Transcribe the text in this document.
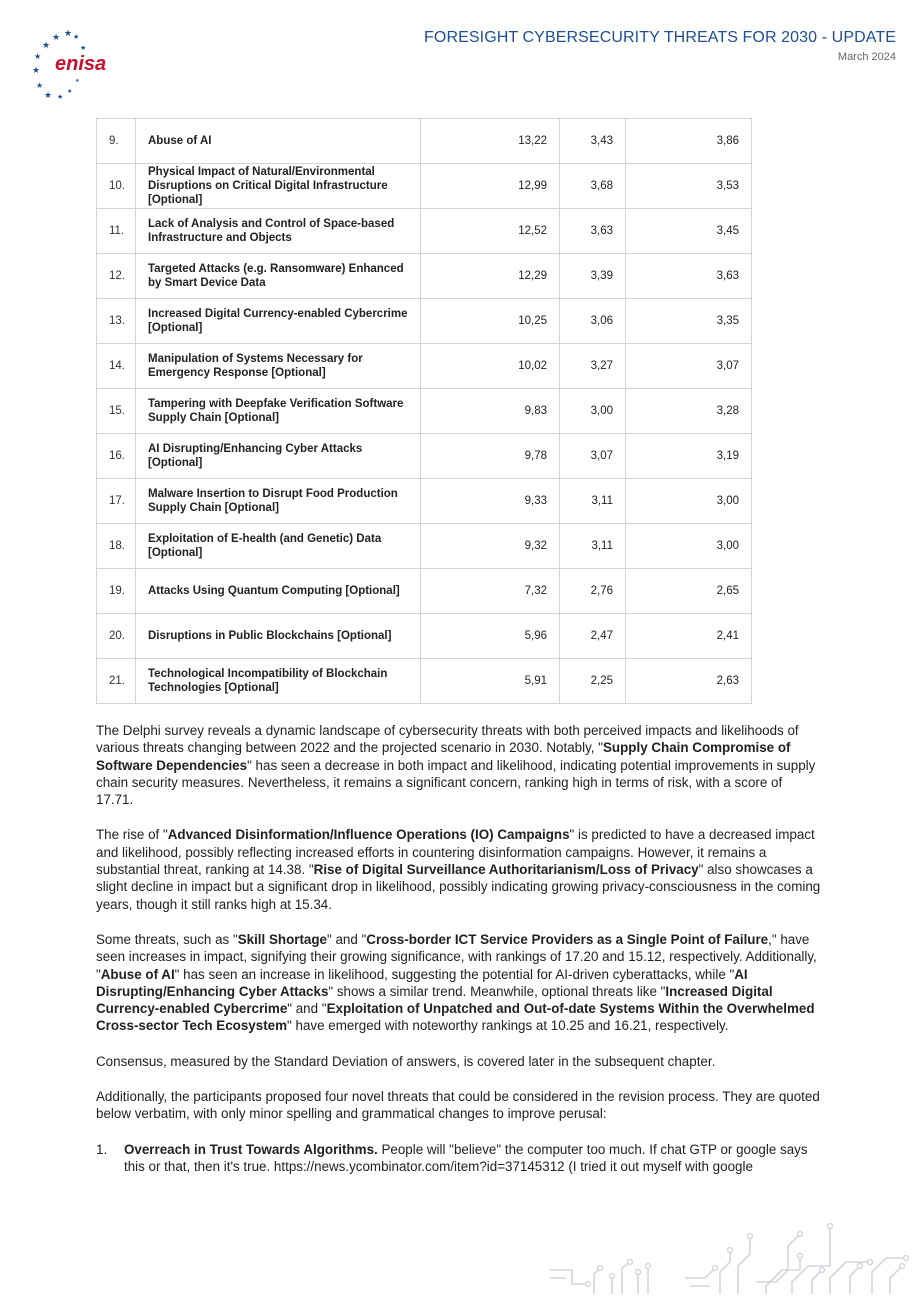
★ ★
★
★
★
★
★
★ ★
★
★
★
enisa
FORESIGHT CYBERSECURITY THREATS FOR 2030 - UPDATE
March 2024
9.	Abuse of AI	13,22	3,43	3,86
10.	Physical Impact of Natural/Environmental Disruptions on Critical Digital Infrastructure [Optional]	12,99	3,68	3,53
11.	Lack of Analysis and Control of Space-based Infrastructure and Objects	12,52	3,63	3,45
12.	Targeted Attacks (e.g. Ransomware) Enhanced by Smart Device Data	12,29	3,39	3,63
13.	Increased Digital Currency-enabled Cybercrime [Optional]	10,25	3,06	3,35
14.	Manipulation of Systems Necessary for Emergency Response [Optional]	10,02	3,27	3,07
15.	Tampering with Deepfake Verification Software Supply Chain [Optional]	9,83	3,00	3,28
16.	AI Disrupting/Enhancing Cyber Attacks [Optional]	9,78	3,07	3,19
17.	Malware Insertion to Disrupt Food Production Supply Chain [Optional]	9,33	3,11	3,00
18.	Exploitation of E-health (and Genetic) Data [Optional]	9,32	3,11	3,00
19.	Attacks Using Quantum Computing [Optional]	7,32	2,76	2,65
20.	Disruptions in Public Blockchains [Optional]	5,96	2,47	2,41
21.	Technological Incompatibility of Blockchain Technologies [Optional]	5,91	2,25	2,63

The Delphi survey reveals a dynamic landscape of cybersecurity threats with both perceived impacts and likelihoods of various threats changing between 2022 and the projected scenario in 2030. Notably, "Supply Chain Compromise of Software Dependencies" has seen a decrease in both impact and likelihood, indicating potential improvements in supply chain security measures. Nevertheless, it remains a significant concern, ranking high in terms of risk, with a score of 17.71.

The rise of "Advanced Disinformation/Influence Operations (IO) Campaigns" is predicted to have a decreased impact and likelihood, possibly reflecting increased efforts in countering disinformation campaigns. However, it remains a substantial threat, ranking at 14.38. "Rise of Digital Surveillance Authoritarianism/Loss of Privacy" also showcases a slight decline in impact but a significant drop in likelihood, possibly indicating growing privacy-consciousness in the coming years, though it still ranks high at 15.34.

Some threats, such as "Skill Shortage" and "Cross-border ICT Service Providers as a Single Point of Failure," have seen increases in impact, signifying their growing significance, with rankings of 17.20 and 15.12, respectively. Additionally, "Abuse of AI" has seen an increase in likelihood, suggesting the potential for AI-driven cyberattacks, while "AI Disrupting/Enhancing Cyber Attacks" shows a similar trend. Meanwhile, optional threats like "Increased Digital Currency-enabled Cybercrime" and "Exploitation of Unpatched and Out-of-date Systems Within the Overwhelmed Cross-sector Tech Ecosystem" have emerged with noteworthy rankings at 10.25 and 16.21, respectively.

Consensus, measured by the Standard Deviation of answers, is covered later in the subsequent chapter.

Additionally, the participants proposed four novel threats that could be considered in the revision process. They are quoted below verbatim, with only minor spelling and grammatical changes to improve perusal:

1.	Overreach in Trust Towards Algorithms. People will "believe" the computer too much. If chat GTP or google says this or that, then it's true. https://news.ycombinator.com/item?id=37145312 (I tried it out myself with google
